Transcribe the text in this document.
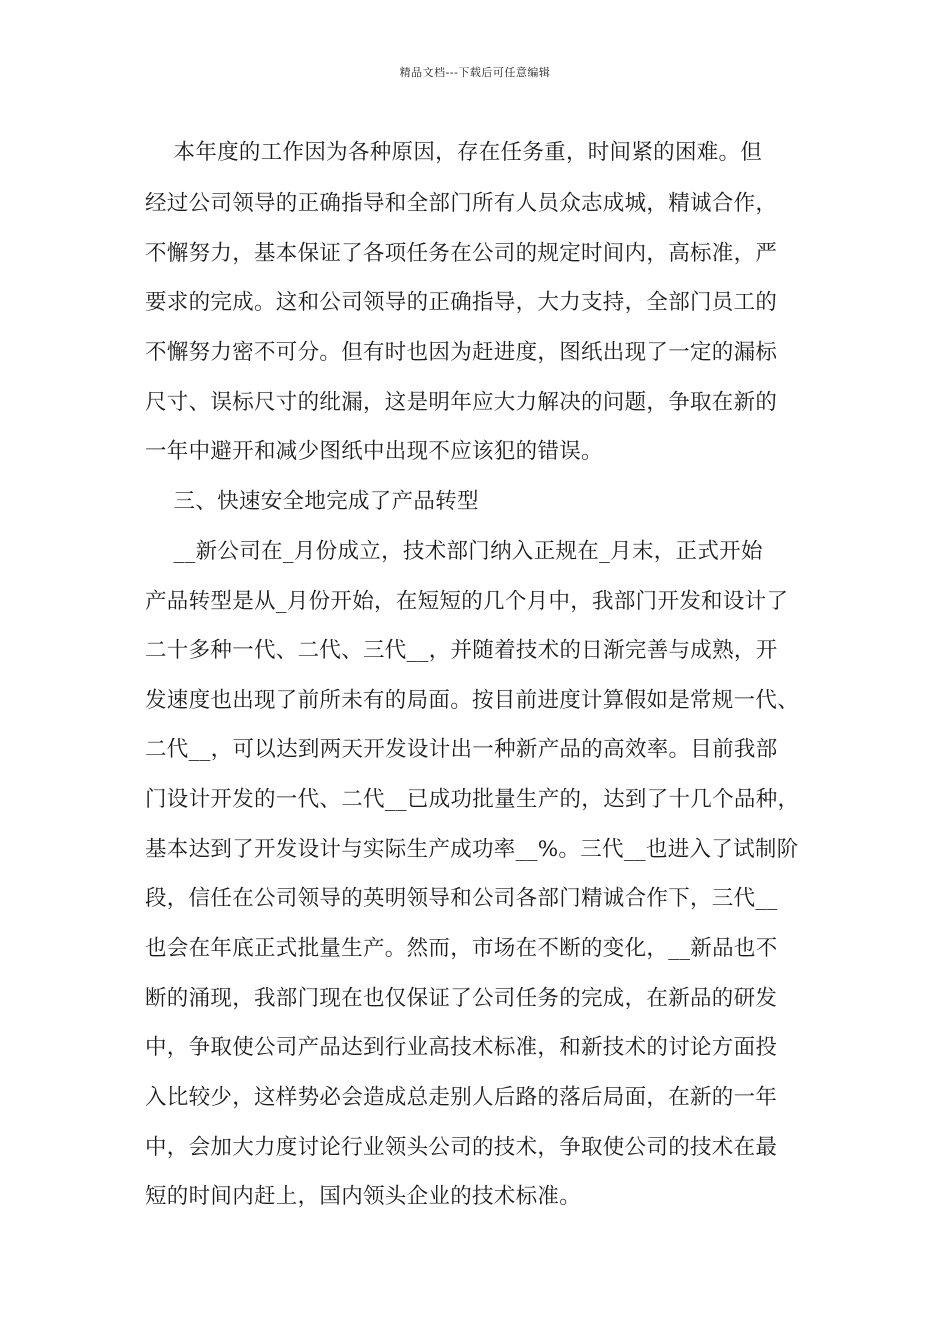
精品文档---下载后可任意编辑
本年度的工作因为各种原因，存在任务重，时间紧的困难。但
经过公司领导的正确指导和全部门所有人员众志成城，精诚合作，
不懈努力，基本保证了各项任务在公司的规定时间内，高标准，严
要求的完成。这和公司领导的正确指导，大力支持，全部门员工的
不懈努力密不可分。但有时也因为赶进度，图纸出现了一定的漏标
尺寸、误标尺寸的纰漏，这是明年应大力解决的问题，争取在新的
一年中避开和减少图纸中出现不应该犯的错误。
三、快速安全地完成了产品转型
__新公司在_月份成立，技术部门纳入正规在_月末，正式开始
产品转型是从_月份开始，在短短的几个月中，我部门开发和设计了
二十多种一代、二代、三代__，并随着技术的日渐完善与成熟，开
发速度也出现了前所未有的局面。按目前进度计算假如是常规一代、
二代__，可以达到两天开发设计出一种新产品的高效率。目前我部
门设计开发的一代、二代__已成功批量生产的，达到了十几个品种，
基本达到了开发设计与实际生产成功率__%。三代__也进入了试制阶
段，信任在公司领导的英明领导和公司各部门精诚合作下，三代__
也会在年底正式批量生产。然而，市场在不断的变化，__新品也不
断的涌现，我部门现在也仅保证了公司任务的完成，在新品的研发
中，争取使公司产品达到行业高技术标准，和新技术的讨论方面投
入比较少，这样势必会造成总走别人后路的落后局面，在新的一年
中，会加大力度讨论行业领头公司的技术，争取使公司的技术在最
短的时间内赶上，国内领头企业的技术标准。
